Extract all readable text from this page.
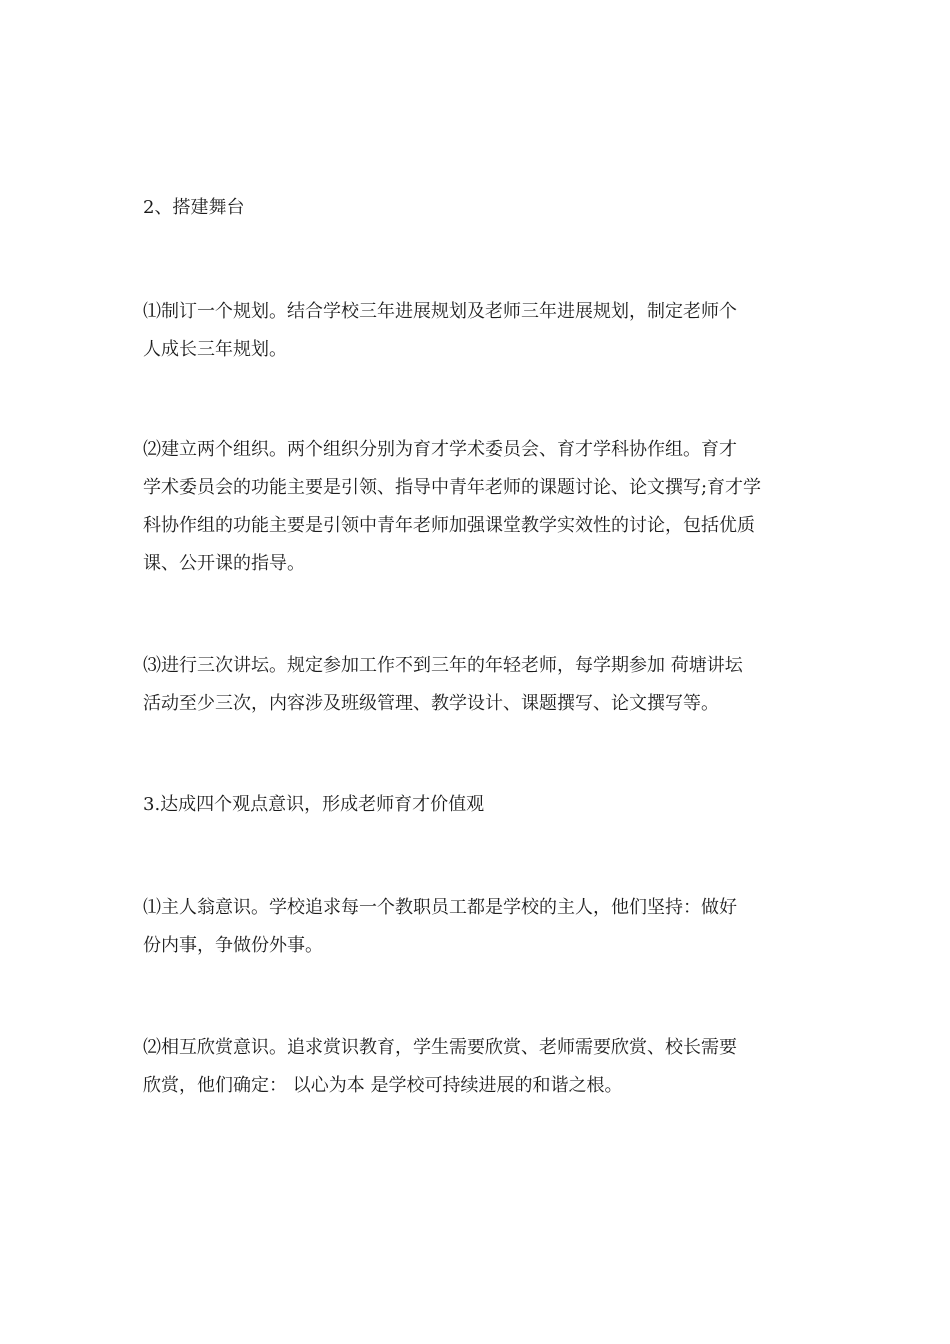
2、搭建舞台

⑴制订一个规划。结合学校三年进展规划及老师三年进展规划，制定老师个
人成长三年规划。

⑵建立两个组织。两个组织分别为育才学术委员会、育才学科协作组。育才
学术委员会的功能主要是引领、指导中青年老师的课题讨论、论文撰写;育才学
科协作组的功能主要是引领中青年老师加强课堂教学实效性的讨论，包括优质
课、公开课的指导。

⑶进行三次讲坛。规定参加工作不到三年的年轻老师，每学期参加 荷塘讲坛
活动至少三次，内容涉及班级管理、教学设计、课题撰写、论文撰写等。

3.达成四个观点意识，形成老师育才价值观

⑴主人翁意识。学校追求每一个教职员工都是学校的主人，他们坚持：做好
份内事，争做份外事。

⑵相互欣赏意识。追求赏识教育，学生需要欣赏、老师需要欣赏、校长需要
欣赏，他们确定： 以心为本 是学校可持续进展的和谐之根。
